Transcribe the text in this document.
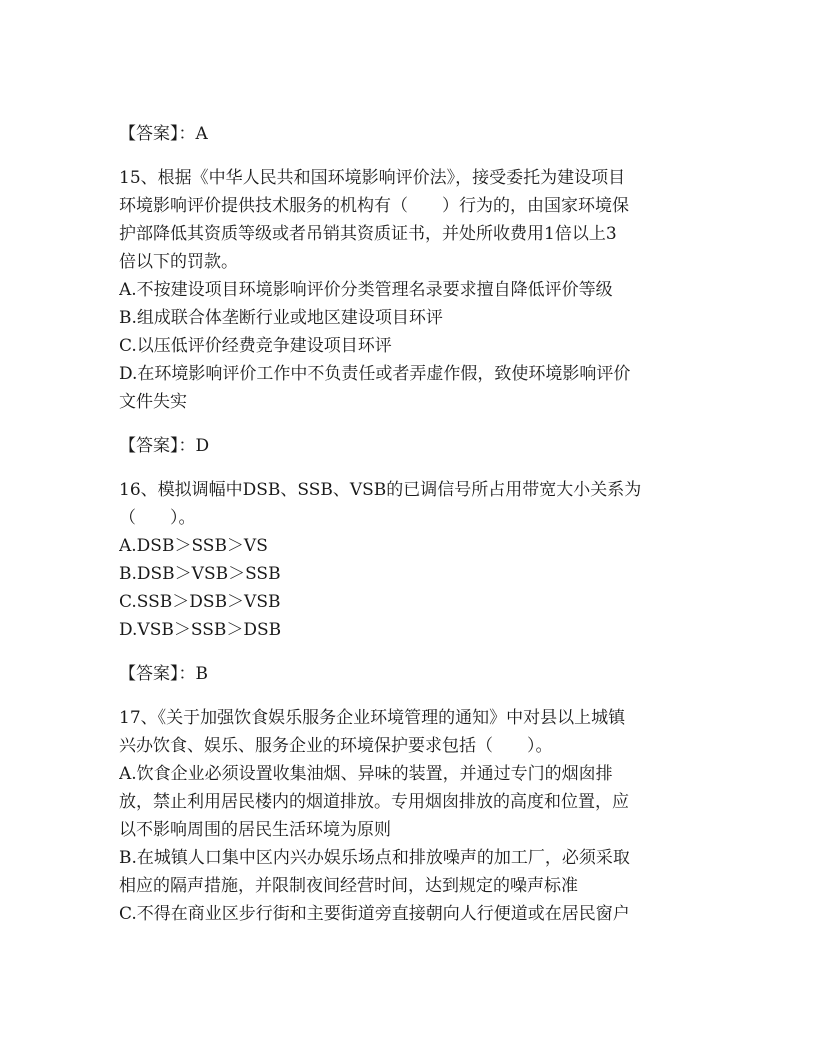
【答案】：A
15、根据《中华人民共和国环境影响评价法》，接受委托为建设项目
环境影响评价提供技术服务的机构有（　　）行为的，由国家环境保
护部降低其资质等级或者吊销其资质证书，并处所收费用1倍以上3
倍以下的罚款。
A.不按建设项目环境影响评价分类管理名录要求擅自降低评价等级
B.组成联合体垄断行业或地区建设项目环评
C.以压低评价经费竞争建设项目环评
D.在环境影响评价工作中不负责任或者弄虚作假，致使环境影响评价
文件失实
【答案】：D
16、模拟调幅中DSB、SSB、VSB的已调信号所占用带宽大小关系为
（　　）。
A.DSB＞SSB＞VS
B.DSB＞VSB＞SSB
C.SSB＞DSB＞VSB
D.VSB＞SSB＞DSB
【答案】：B
17、《关于加强饮食娱乐服务企业环境管理的通知》中对县以上城镇
兴办饮食、娱乐、服务企业的环境保护要求包括（　　）。
A.饮食企业必须设置收集油烟、异味的装置，并通过专门的烟囱排
放，禁止利用居民楼内的烟道排放。专用烟囱排放的高度和位置，应
以不影响周围的居民生活环境为原则
B.在城镇人口集中区内兴办娱乐场点和排放噪声的加工厂，必须采取
相应的隔声措施，并限制夜间经营时间，达到规定的噪声标准
C.不得在商业区步行街和主要街道旁直接朝向人行便道或在居民窗户
